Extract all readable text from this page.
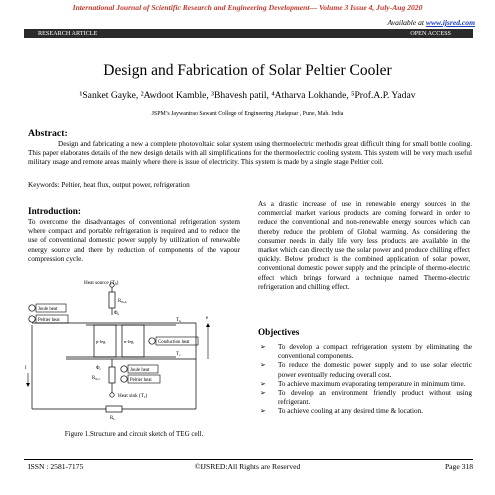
International Journal of Scientific Research and Engineering Development— Volume 3 Issue 4, July-Aug 2020
Available at www.ijsred.com
RESEARCH ARTICLE	OPEN ACCESS
Design and Fabrication of Solar Peltier Cooler
¹Sanket Gayke, ²Awdoot Kamble, ³Bhavesh patil, ⁴Atharva Lokhande, ⁵Prof.A.P. Yadav
JSPM’s Jaywantrao Sawant College of Engineering ,Hadapsar , Pune, Mah. India
Abstract:
Design and fabricating a new a complete photovoltaic solar system using thermoelectric methodis great difficult thing for small bottle cooling. This paper elaborates details of the new design details with all simplifications for the thermoelectric cooling system. This system will be very much useful military usage and remote areas mainly where there is issue of electricity. This system is made by a single stage Peltier coil.
Keywords: Peltier, heat flux, output power, refrigeration
Introduction:
To overcome the disadvantages of conventional refrigeration system where compact and portable refrigeration is required and to reduce the use of conventional domestic power supply by utilization of renewable energy source and there by reduction of components of the vapour compression cycle.
Heat source $(T_h)$
$R_{th,h}$
$\Phi_h$
Joule heat
Peltier heat	$T_h$
p-leg	n-leg	Conduction heat
$T_c$
$\Phi_c$
$R_{th,c}$
Joule heat
Peltier heat
Heat sink $(T_c)$
$R_L$
I
e
Figure 1.Structure and circuit sketch of TEG cell.
As a drastic increase of use in renewable energy sources in the commercial market various products are coming forward in order to reduce the conventional and non-renewable energy sources which can thereby reduce the problem of Global warming. As considering the consumer needs in daily life very less products are available in the market which can directly use the solar power and produce chilling effect quickly. Below product is the combined application of solar power, conventional domestic power supply and the principle of thermo-electric effect which brings forward a technique named Thermo-electric refrigeration and chilling effect.
Objectives
➢ To develop a compact refrigeration system by eliminating the conventional components.
➢ To reduce the domestic power supply and to use solar electric power eventually reducing overall cost.
➢ To achieve maximum evaporating temperature in minimum time.
➢ To develop an environment friendly product without using refrigerant.
➢ To achieve cooling at any desired time & location.
ISSN : 2581-7175	©IJSRED:All Rights are Reserved	Page 318
